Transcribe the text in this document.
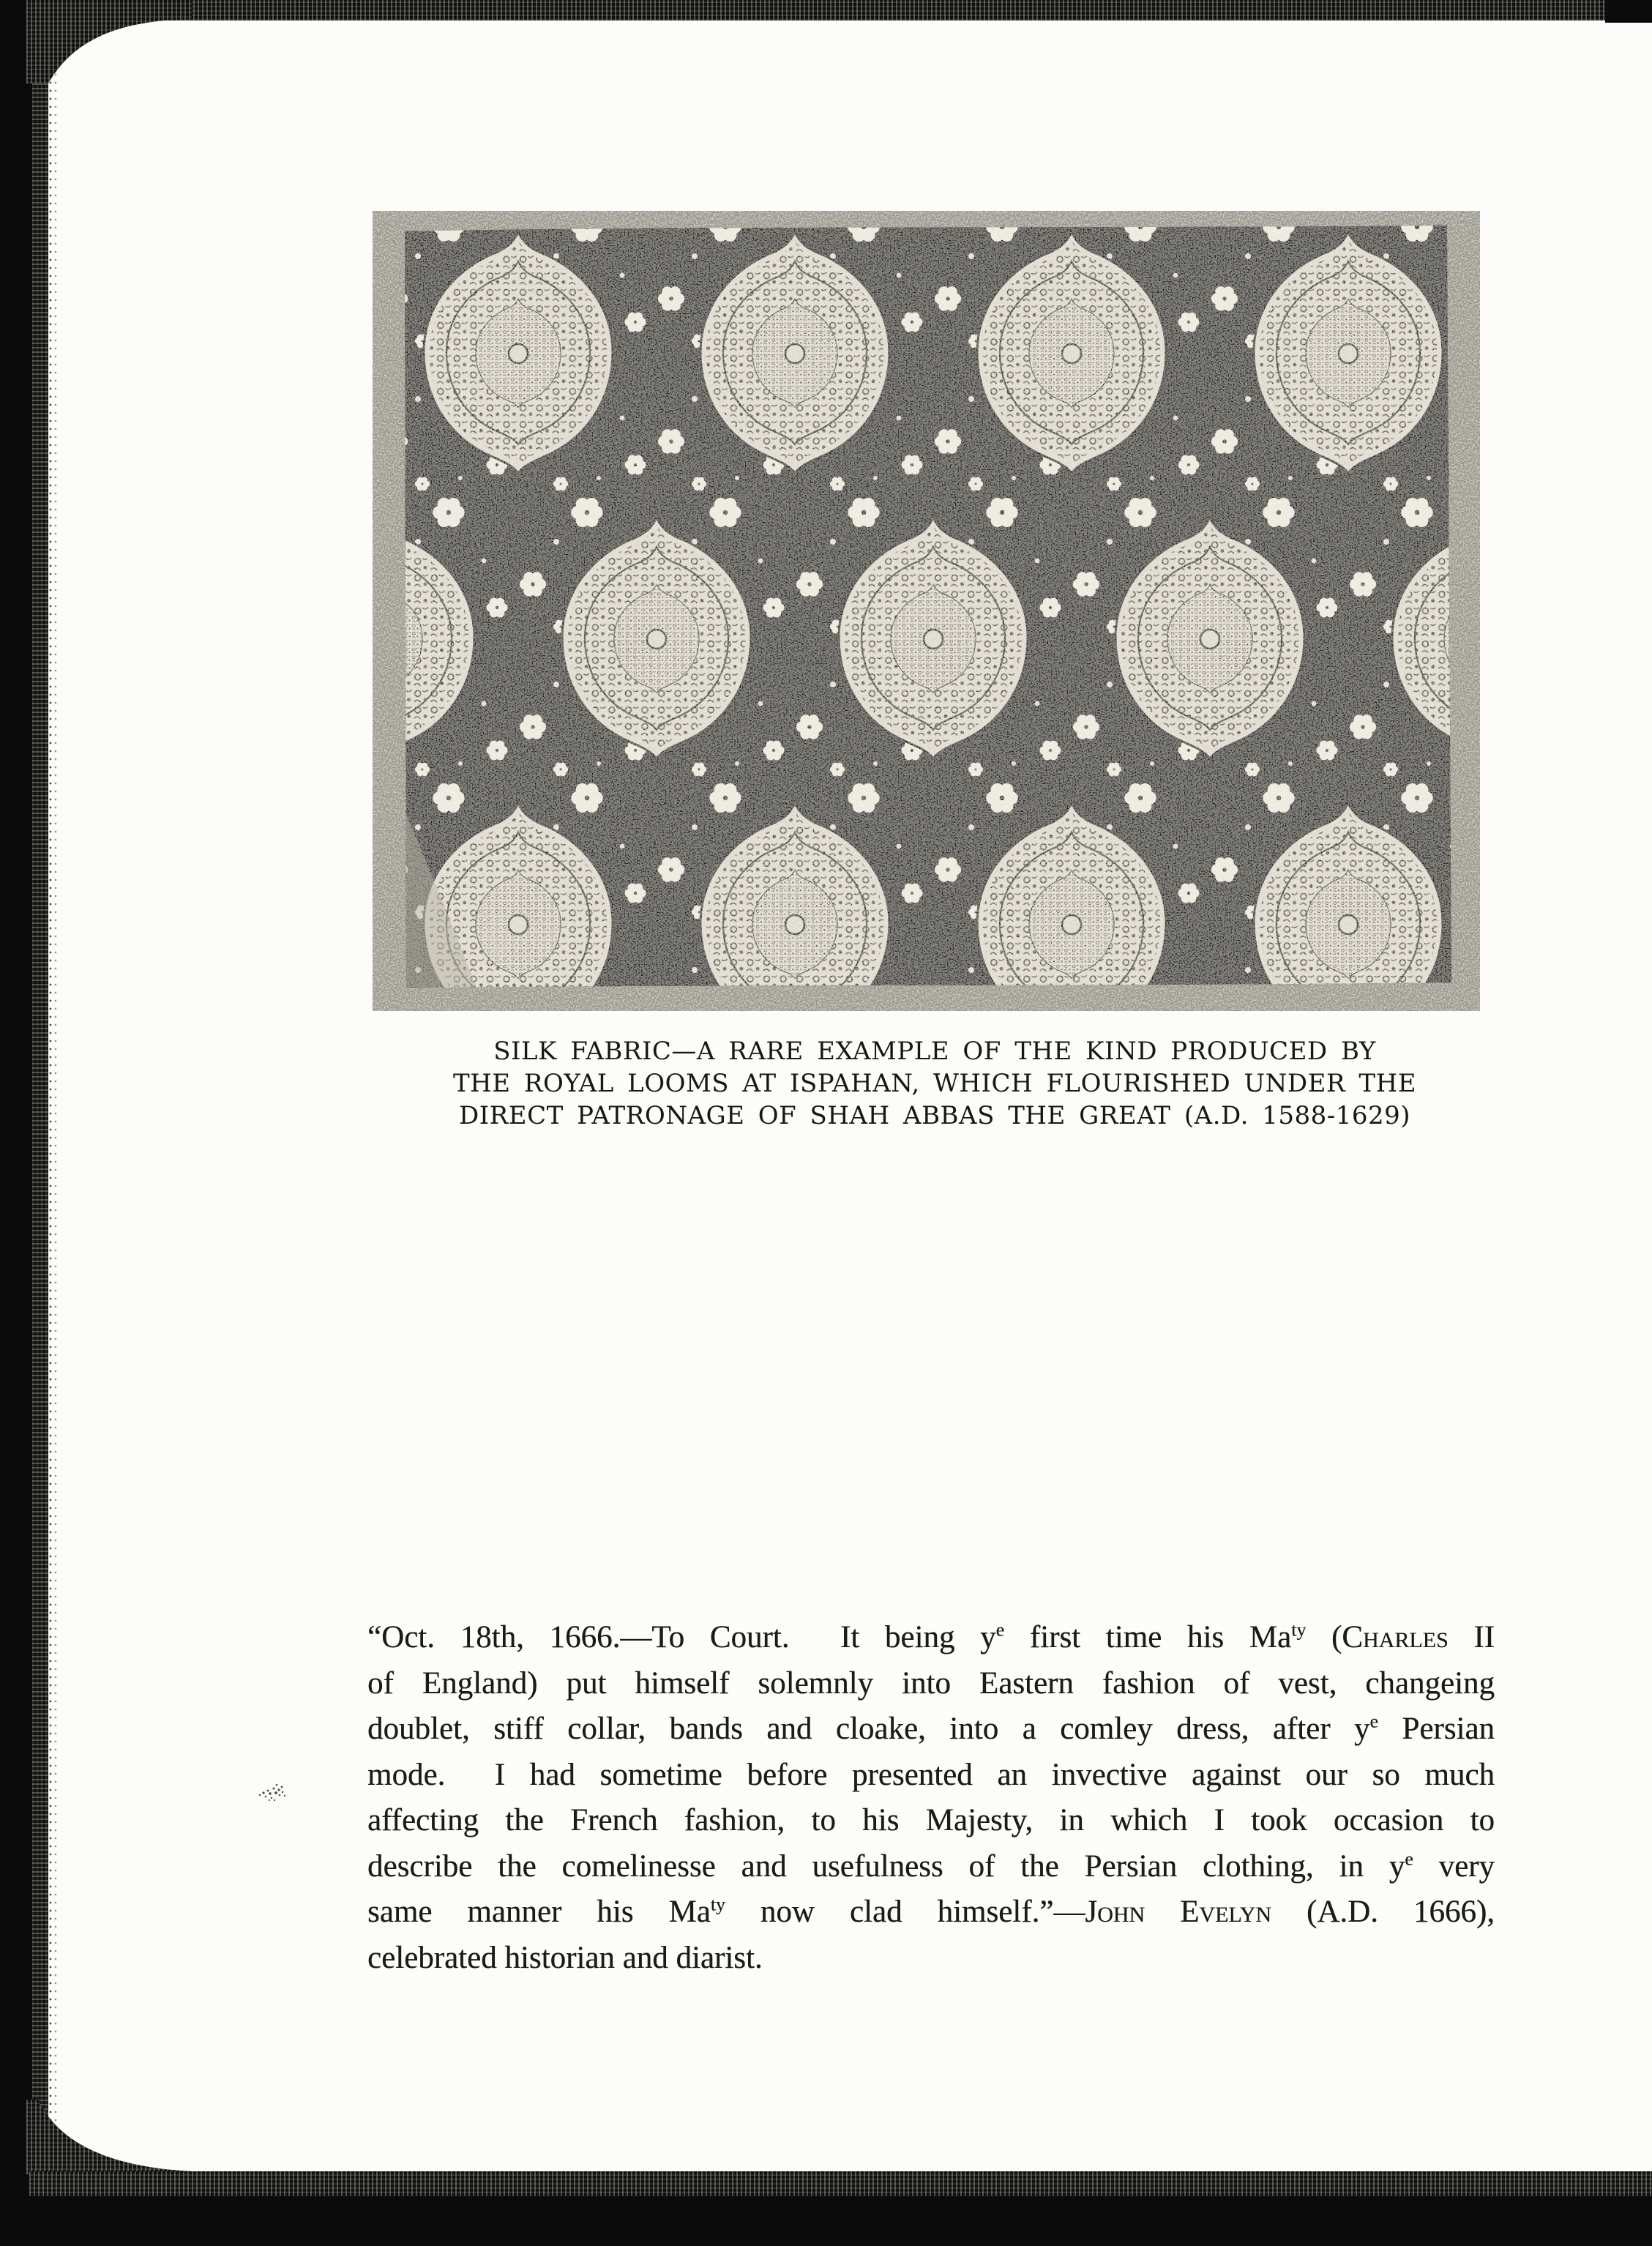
SILK FABRIC—A RARE EXAMPLE OF THE KIND PRODUCED BY
THE ROYAL LOOMS AT ISPAHAN, WHICH FLOURISHED UNDER THE
DIRECT PATRONAGE OF SHAH ABBAS THE GREAT (A.D. 1588-1629)
“Oct. 18th, 1666.—To Court.  It being $y^e$ first time his $Ma^{ty}$ (Charles II
of England) put himself solemnly into Eastern fashion of vest, changeing
doublet, stiff collar, bands and cloake, into a comley dress, after $y^e$ Persian
mode.  I had sometime before presented an invective against our so much
affecting the French fashion, to his Majesty, in which I took occasion to
describe the comelinesse and usefulness of the Persian clothing, in $y^e$ very
same manner his $Ma^{ty}$ now clad himself.”—John Evelyn (A.D. 1666),
celebrated historian and diarist.
